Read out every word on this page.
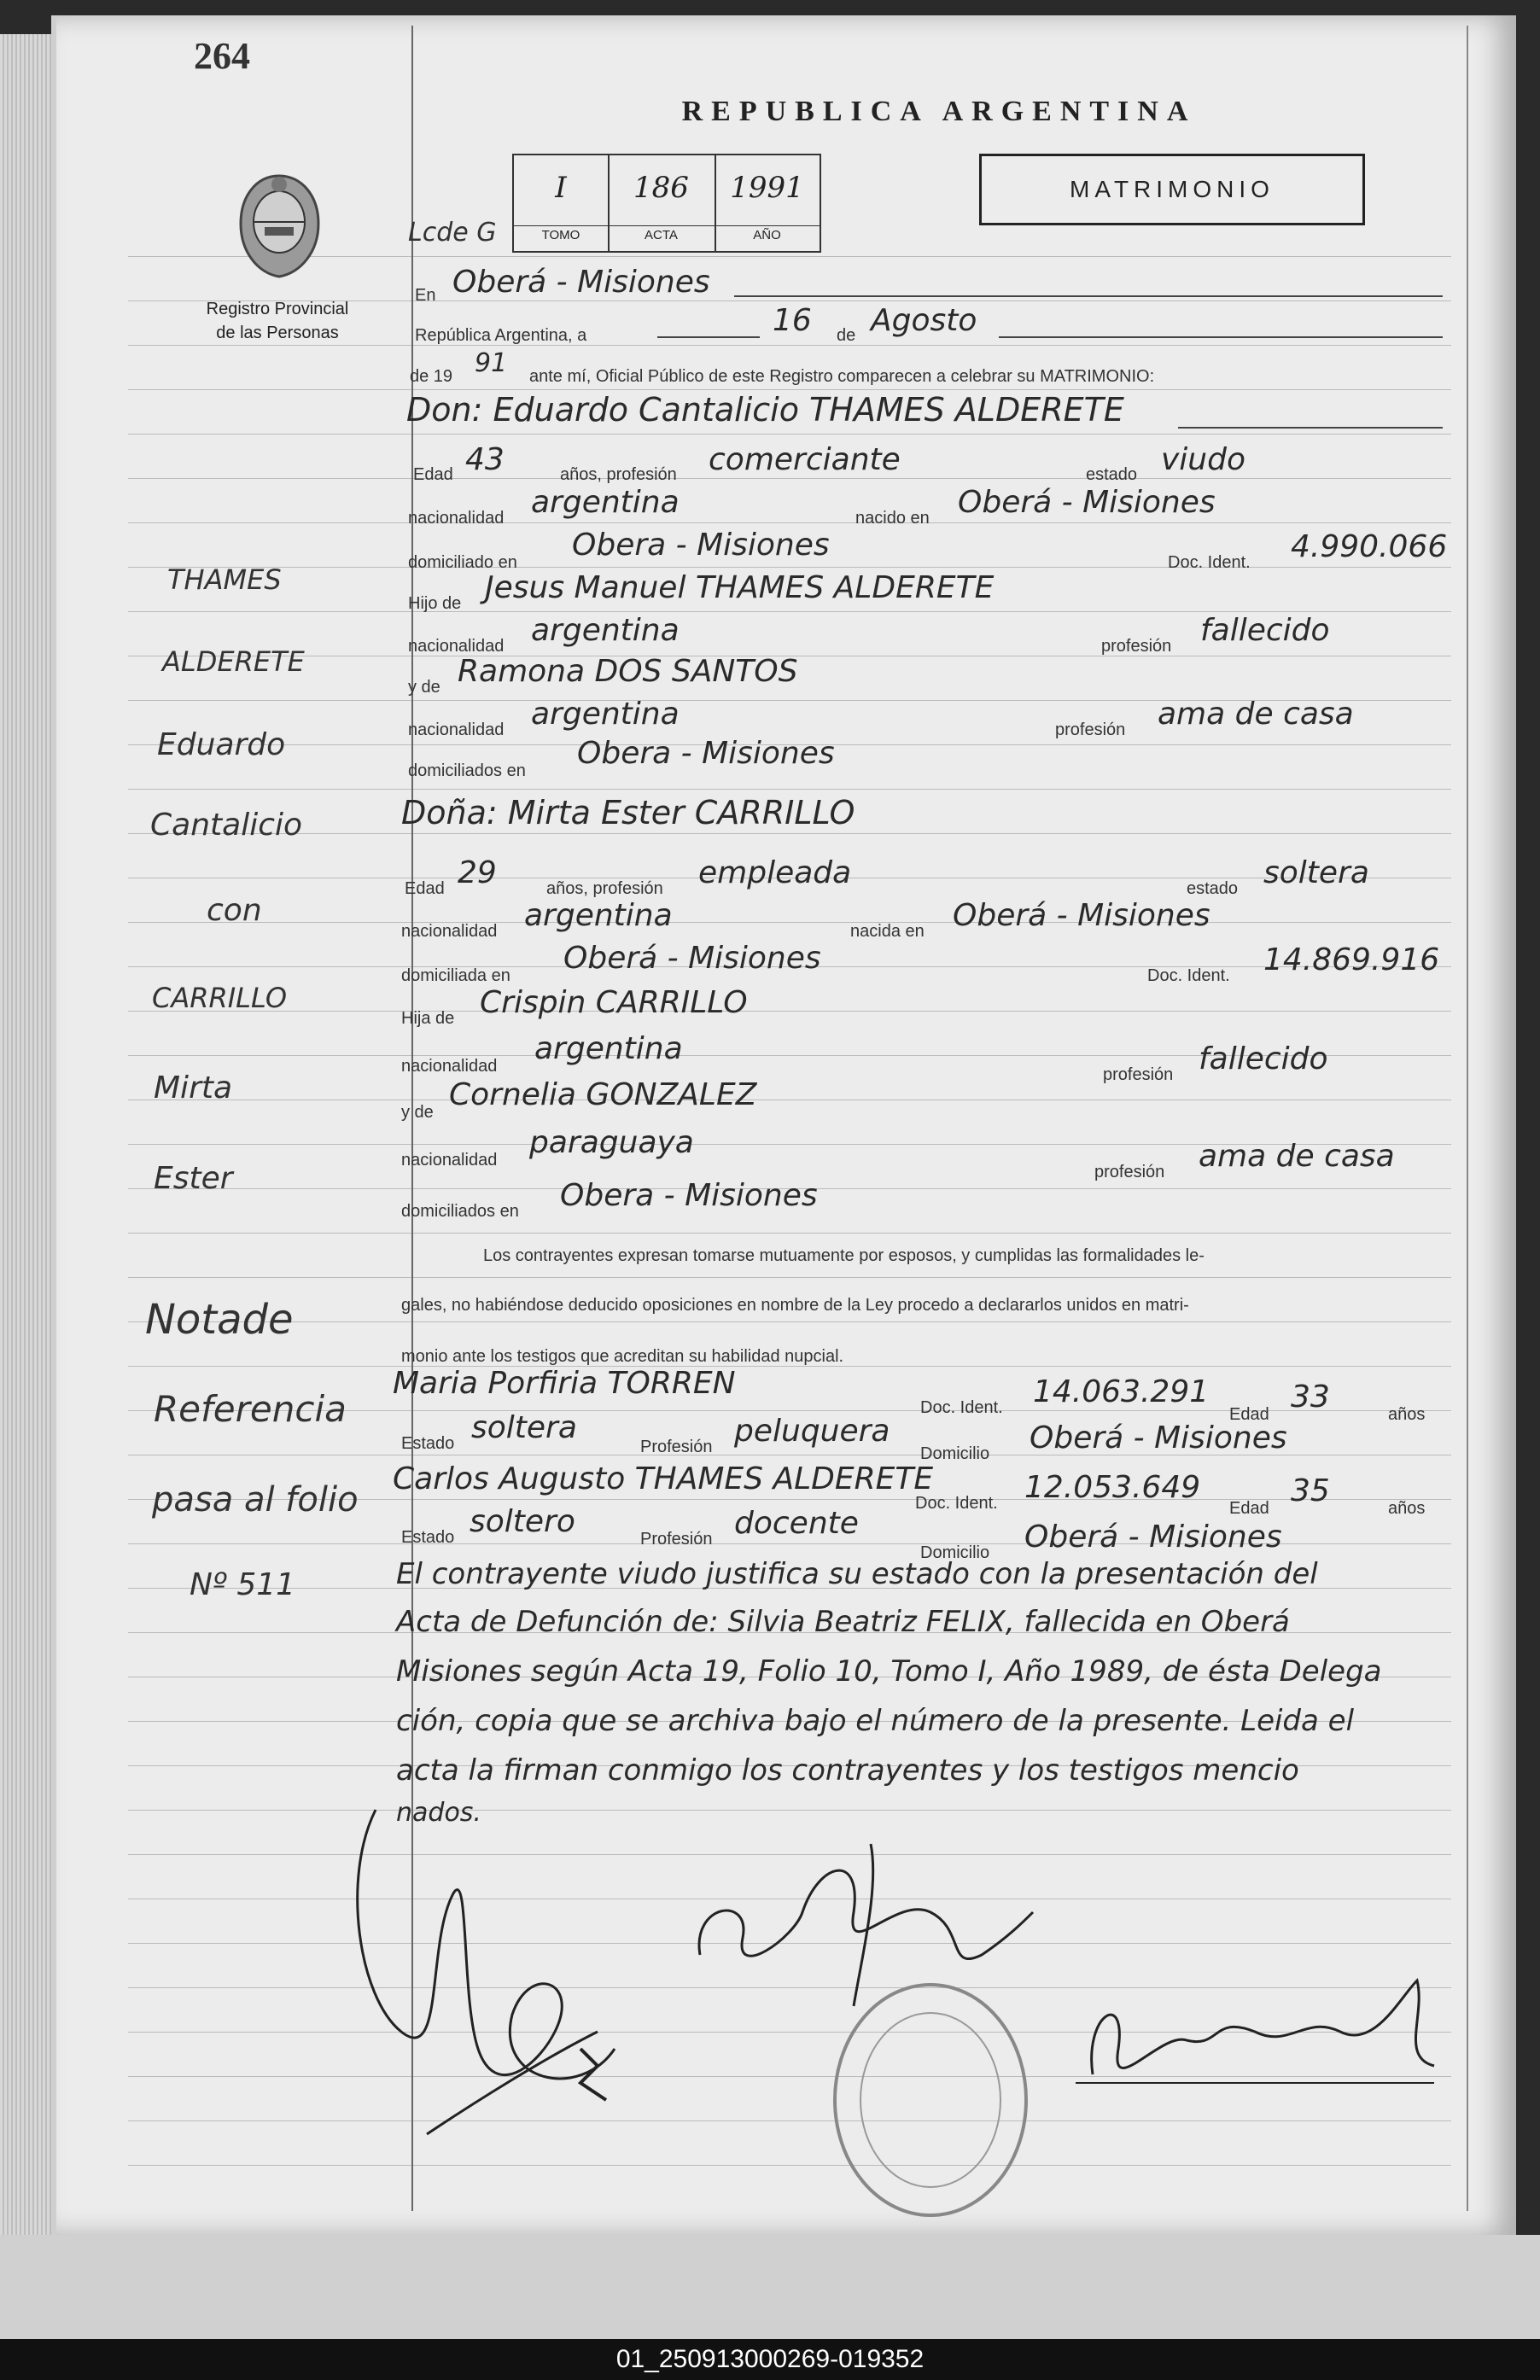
264
REPUBLICA ARGENTINA
MATRIMONIO
Registro Provincial
de las Personas
I
TOMO
186
ACTA
1991
AÑO
Lcde G
En Oberá - Misiones
República Argentina, a	16 de Agosto
de 19 91 ante mí, Oficial Público de este Registro comparecen a celebrar su MATRIMONIO:
Don: Eduardo Cantalicio THAMES ALDERETE
Edad 43	años, profesión comerciante	estado viudo
nacionalidad argentina	nacido en Oberá - Misiones
domiciliado en Obera - Misiones	Doc. Ident. 4.990.066
Hijo de Jesus Manuel THAMES ALDERETE
nacionalidad argentina	profesión fallecido
y de Ramona DOS SANTOS
nacionalidad argentina	profesión ama de casa
domiciliados en Obera - Misiones
Doña: Mirta Ester CARRILLO
Edad 29	años, profesión empleada	estado soltera
nacionalidad argentina	nacida en Oberá - Misiones
domiciliada en Oberá - Misiones	Doc. Ident. 14.869.916
Hija de Crispin CARRILLO
nacionalidad argentina
profesión fallecido
y de Cornelia GONZALEZ
nacionalidad paraguaya
profesión ama de casa
domiciliados en Obera - Misiones
Los contrayentes expresan tomarse mutuamente por esposos, y cumplidas las formalidades le-
gales, no habiéndose deducido oposiciones en nombre de la Ley procedo a declararlos unidos en matri-
monio ante los testigos que acreditan su habilidad nupcial.
Maria Porfiria TORREN
Doc. Ident. 14.063.291
Edad 33	años
Estado soltera
Profesión peluquera
Domicilio Oberá - Misiones
Carlos Augusto THAMES ALDERETE
Doc. Ident. 12.053.649
Edad 35	años
Estado soltero	Profesión docente
Domicilio Oberá - Misiones
El contrayente viudo justifica su estado con la presentación del
Acta de Defunción de: Silvia Beatriz FELIX, fallecida en Oberá
Misiones según Acta 19, Folio 10, Tomo I, Año 1989, de ésta Delega
ción, copia que se archiva bajo el número de la presente. Leida el
acta la firman conmigo los contrayentes y los testigos mencio
nados.
THAMES
ALDERETE
Eduardo
Cantalicio
con
CARRILLO
Mirta
Ester
Notade
Referencia
pasa al folio
Nº 511
01_250913000269-019352
